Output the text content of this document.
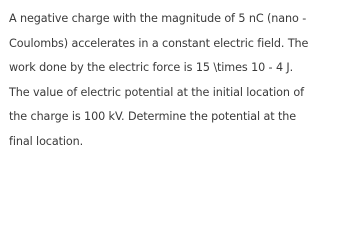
A negative charge with the magnitude of 5 nC (nano -
Coulombs) accelerates in a constant electric field. The
work done by the electric force is 15 \times 10 - 4 J.
The value of electric potential at the initial location of
the charge is 100 kV. Determine the potential at the
final location.
